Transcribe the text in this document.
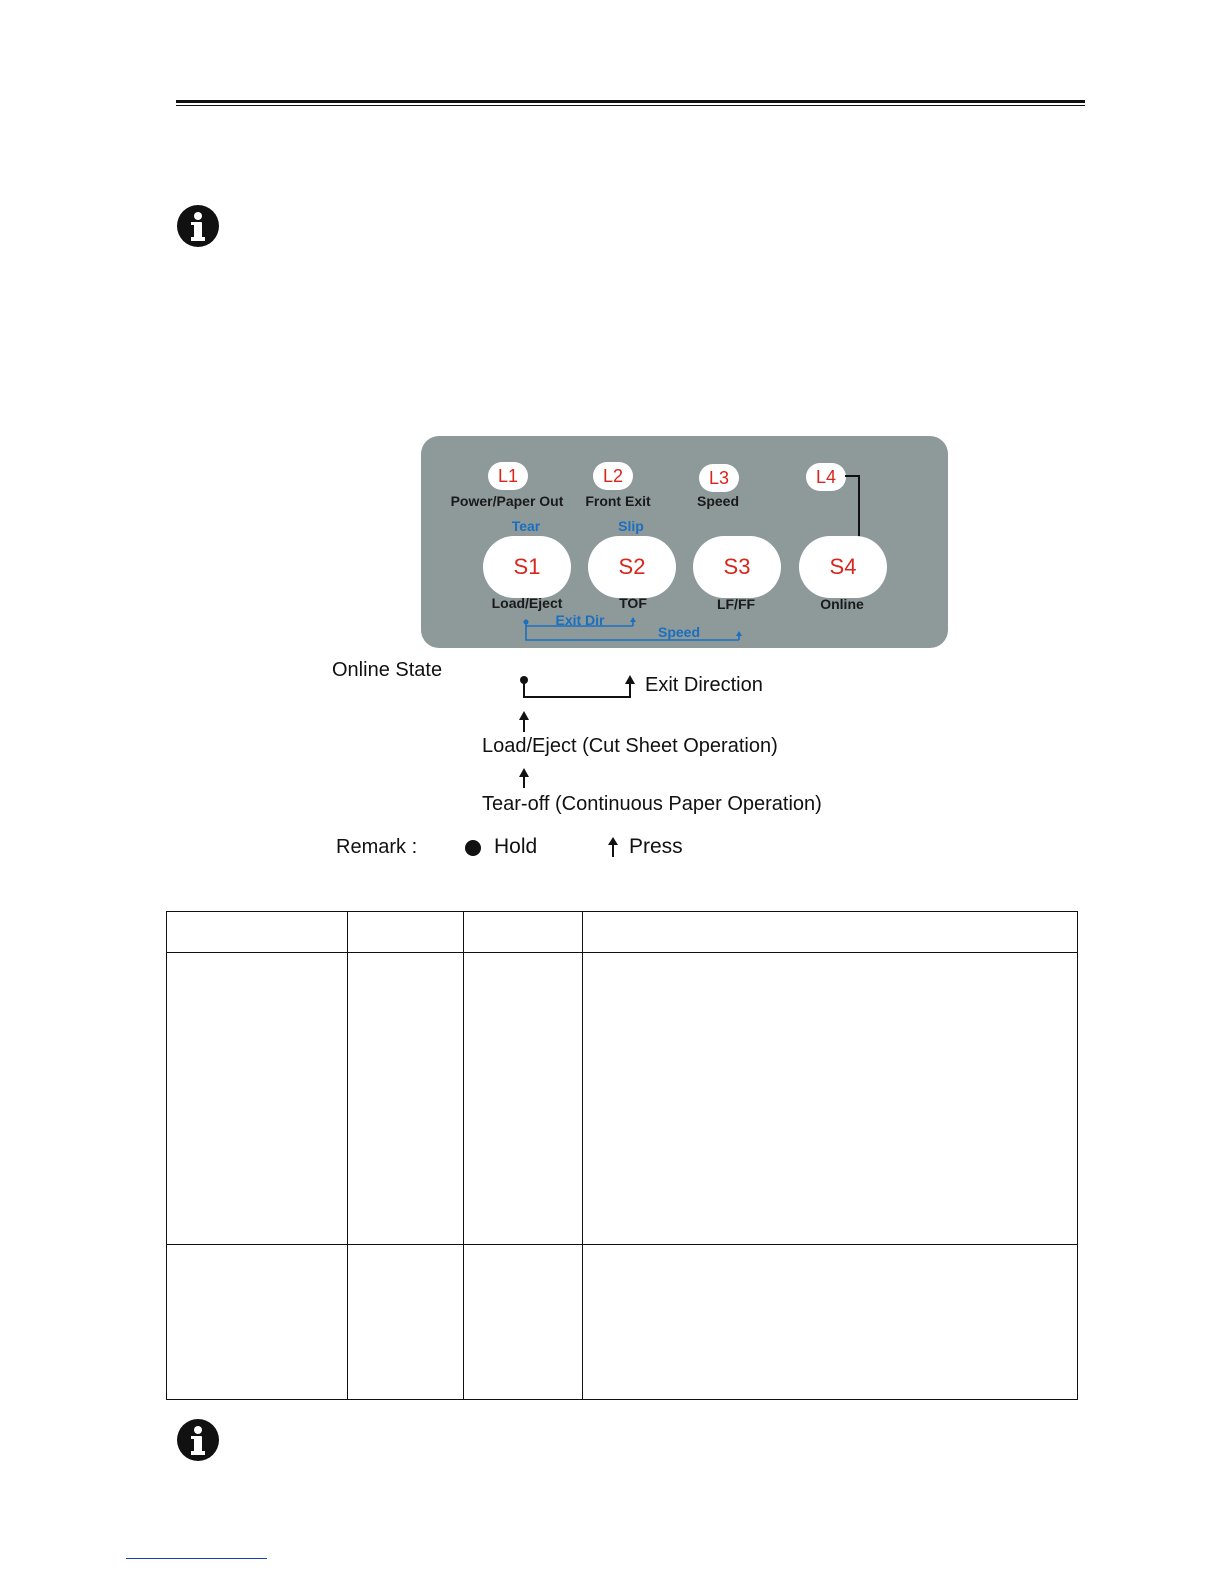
L1	L2	L3	L4
Power/Paper Out Front Exit	Speed
Tear	Slip
S1	S2	S3	S4
Load/Eject	TOF	LF/FF	Online
Exit Dir
Speed
Online State
Exit Direction
Load/Eject (Cut Sheet Operation)
Tear-off (Continuous Paper Operation)
Remark :	Hold	Press
